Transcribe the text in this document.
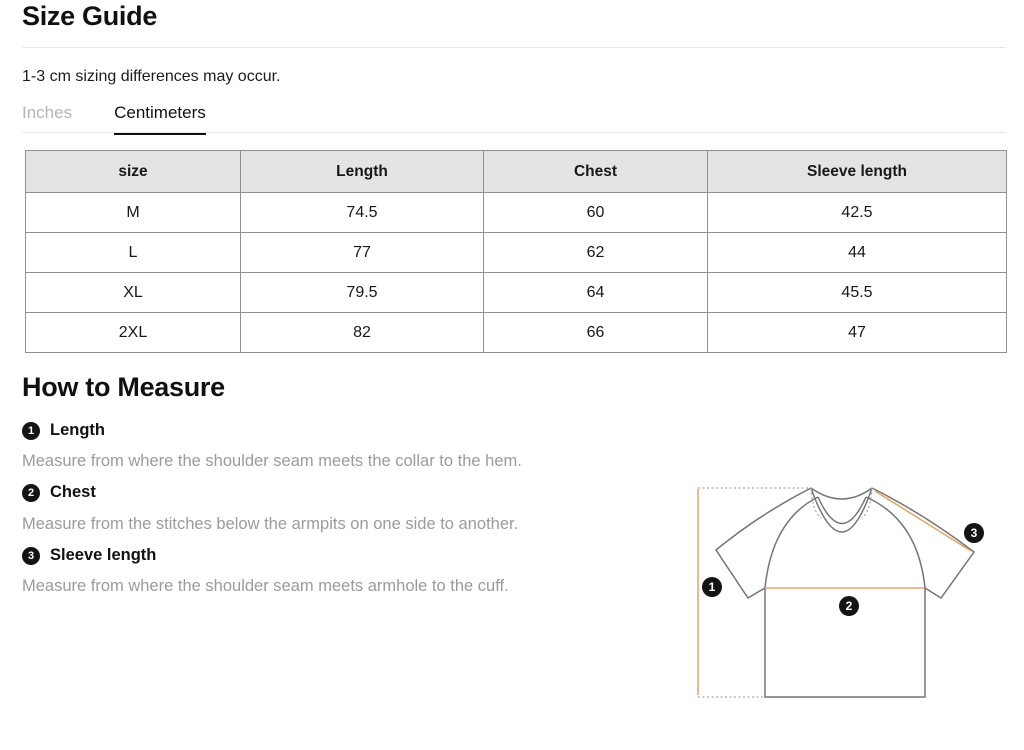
Size Guide
1-3 cm sizing differences may occur.
Inches Centimeters
size	Length	Chest	Sleeve length
M	74.5	60	42.5
L	77	62	44
XL	79.5	64	45.5
2XL	82	66	47
How to Measure
1 Length
Measure from where the shoulder seam meets the collar to the hem.
2 Chest
Measure from the stitches below the armpits on one side to another.
3 Sleeve length
Measure from where the shoulder seam meets armhole to the cuff.	1
2
3
